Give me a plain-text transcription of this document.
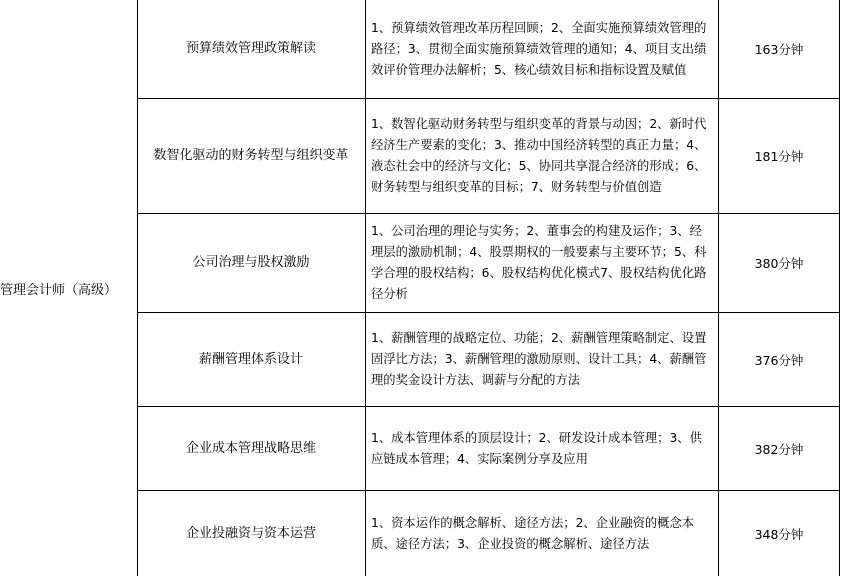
管理会计师（高级）
预算绩效管理政策解读
1、预算绩效管理改革历程回顾；2、全面实施预算绩效管理的路径；3、贯彻全面实施预算绩效管理的通知；4、项目支出绩效评价管理办法解析；5、核心绩效目标和指标设置及赋值
163分钟
数智化驱动的财务转型与组织变革
1、数智化驱动财务转型与组织变革的背景与动因；2、新时代经济生产要素的变化；3、推动中国经济转型的真正力量；4、液态社会中的经济与文化；5、协同共享混合经济的形成；6、财务转型与组织变革的目标；7、财务转型与价值创造
181分钟
公司治理与股权激励
1、公司治理的理论与实务；2、董事会的构建及运作；3、经理层的激励机制；4、股票期权的一般要素与主要环节；5、科学合理的股权结构；6、股权结构优化模式7、股权结构优化路径分析
380分钟
薪酬管理体系设计
1、薪酬管理的战略定位、功能；2、薪酬管理策略制定、设置固浮比方法；3、薪酬管理的激励原则、设计工具；4、薪酬管理的奖金设计方法、调薪与分配的方法
376分钟
企业成本管理战略思维
1、成本管理体系的顶层设计；2、研发设计成本管理；3、供应链成本管理；4、实际案例分享及应用
382分钟
企业投融资与资本运营
1、资本运作的概念解析、途径方法；2、企业融资的概念本质、途径方法；3、企业投资的概念解析、途径方法
348分钟
